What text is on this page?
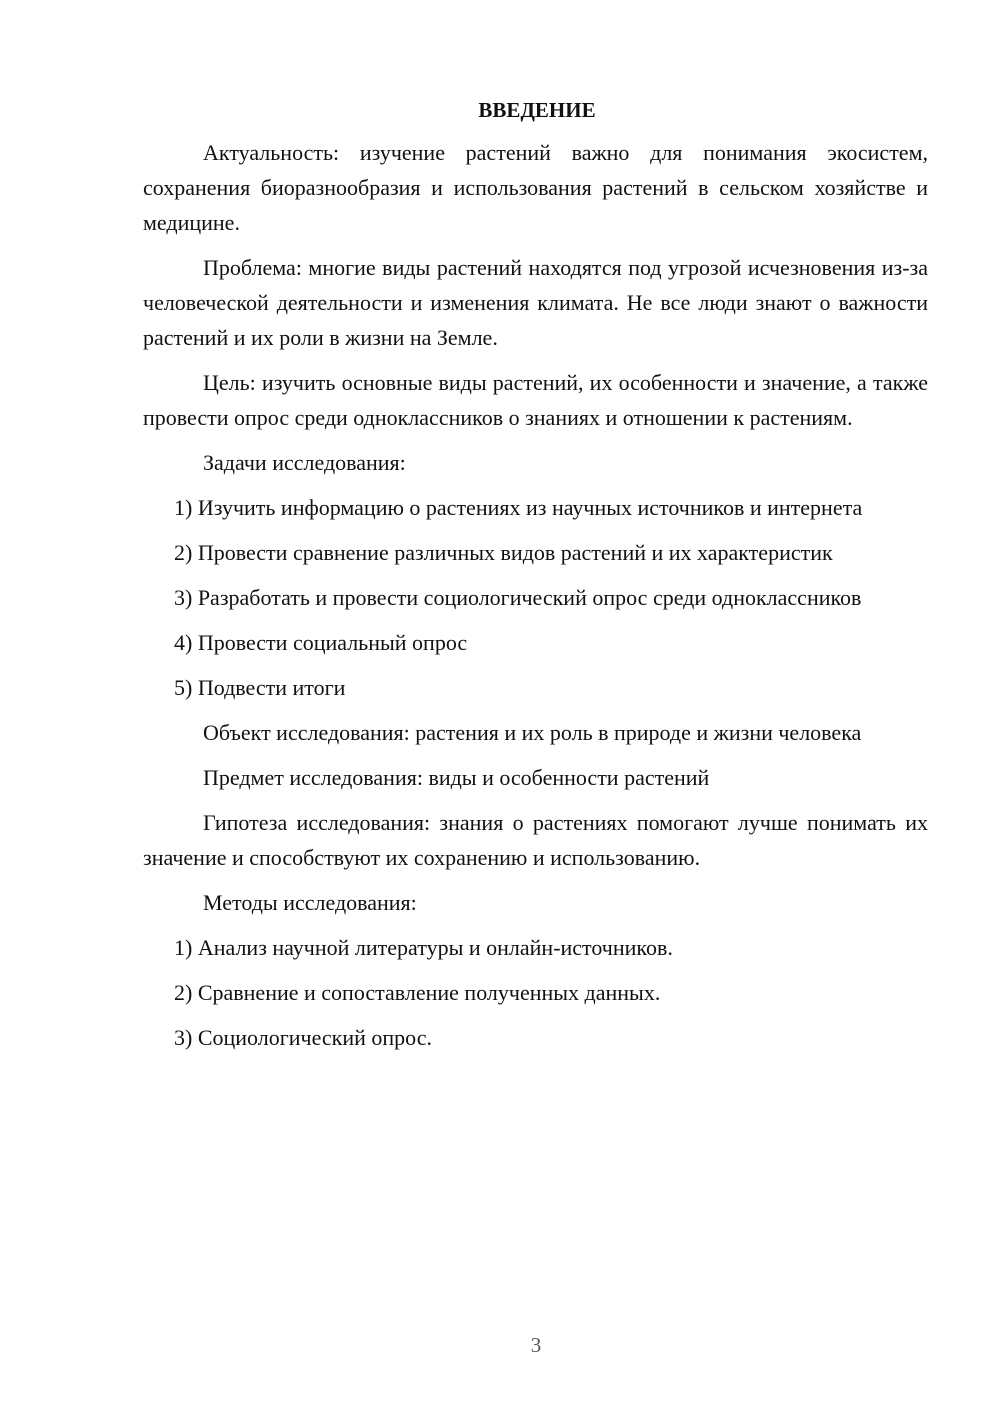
ВВЕДЕНИЕ

Актуальность: изучение растений важно для понимания экосистем, сохранения биоразнообразия и использования растений в сельском хозяйстве и медицине.

Проблема: многие виды растений находятся под угрозой исчезновения из-за человеческой деятельности и изменения климата. Не все люди знают о важности растений и их роли в жизни на Земле.

Цель: изучить основные виды растений, их особенности и значение, а также провести опрос среди одноклассников о знаниях и отношении к растениям.

Задачи исследования:

1) Изучить информацию о растениях из научных источников и интернета

2) Провести сравнение различных видов растений и их характеристик

3) Разработать и провести социологический опрос среди одноклассников

4) Провести социальный опрос

5) Подвести итоги

Объект исследования: растения и их роль в природе и жизни человека

Предмет исследования: виды и особенности растений

Гипотеза исследования: знания о растениях помогают лучше понимать их значение и способствуют их сохранению и использованию.

Методы исследования:

1) Анализ научной литературы и онлайн-источников.

2) Сравнение и сопоставление полученных данных.

3) Социологический опрос.

3
